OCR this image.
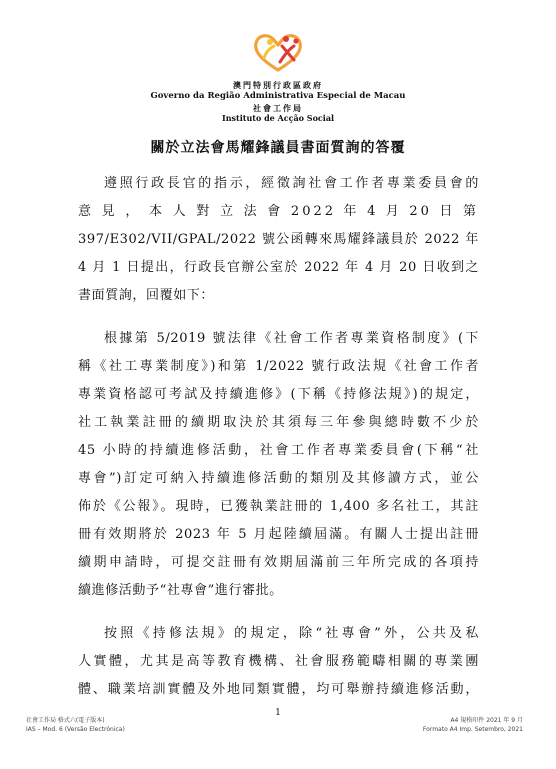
澳門特別行政區政府
Governo da Região Administrativa Especial de Macau
社會工作局
Instituto de Acção Social
關於立法會馬耀鋒議員書面質詢的答覆
遵照行政長官的指示，經徵詢社會工作者專業委員會的
意 見 ， 本 人 對 立 法 會 2022 年 4 月 20 日 第
397/E302/VII/GPAL/2022 號公函轉來馬耀鋒議員於 2022 年
4 月 1 日提出，行政長官辦公室於 2022 年 4 月 20 日收到之
書面質詢，回覆如下：
根據第 5/2019 號法律《社會工作者專業資格制度》(下
稱《社工專業制度》)和第 1/2022 號行政法規《社會工作者
專業資格認可考試及持續進修》(下稱《持修法規》)的規定，
社工執業註冊的續期取決於其須每三年參與總時數不少於
45 小時的持續進修活動，社會工作者專業委員會(下稱“社
專會”)訂定可納入持續進修活動的類別及其修讀方式，並公
佈於《公報》。現時，已獲執業註冊的 1,400 多名社工，其註
冊有效期將於 2023 年 5 月起陸續屆滿。有關人士提出註冊
續期申請時，可提交註冊有效期屆滿前三年所完成的各項持
續進修活動予“社專會”進行審批。
按照《持修法規》的規定，除“社專會”外，公共及私
人實體，尤其是高等教育機構、社會服務範疇相關的專業團
體、職業培訓實體及外地同類實體，均可舉辦持續進修活動，
1
社會工作局 格式六(電子版本)
IAS – Mod. 6 (Versão Electrónica)
A4 規格印件 2021 年 9 月
Formato A4 Imp. Setembro, 2021
